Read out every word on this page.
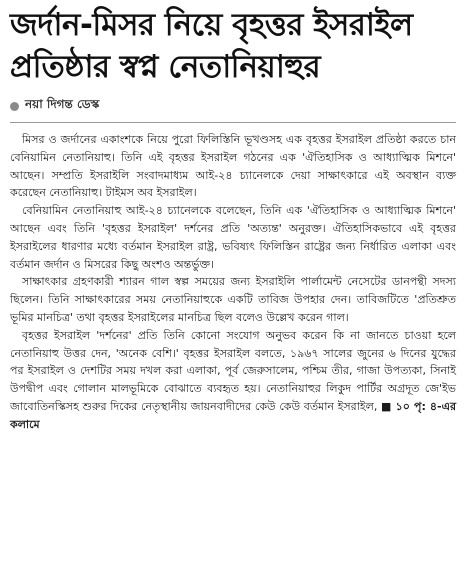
জর্দান-মিসর নিয়ে বৃহত্তর ইসরাইল
প্রতিষ্ঠার স্বপ্ন নেতানিয়াহুর
নয়া দিগন্ত ডেস্ক

মিসর ও জর্দানের একাংশকে নিয়ে পুরো ফিলিস্তিনি ভূখণ্ডসহ এক বৃহত্তর ইসরাইল প্রতিষ্ঠা করতে চান বেনিয়ামিন নেতানিয়াহু। তিনি এই বৃহত্তর ইসরাইল গঠনের এক 'ঐতিহাসিক ও আধ্যাত্মিক মিশনে' আছেন। সম্প্রতি ইসরাইলি সংবাদমাধ্যম আই-২৪ চ্যানেলকে দেয়া সাক্ষাৎকারে এই অবস্থান ব্যক্ত করেছেন নেতানিয়াহু। টাইমস অব ইসরাইল।

বেনিয়ামিন নেতানিয়াহু আই-২৪ চ্যানেলকে বলেছেন, তিনি এক 'ঐতিহাসিক ও আধ্যাত্মিক মিশনে' আছেন এবং তিনি 'বৃহত্তর ইসরাইল' দর্শনের প্রতি 'অত্যন্ত' অনুরক্ত। ঐতিহাসিকভাবে এই বৃহত্তর ইসরাইলের ধারণার মধ্যে বর্তমান ইসরাইল রাষ্ট্র, ভবিষ্যৎ ফিলিস্তিন রাষ্ট্রের জন্য নির্ধারিত এলাকা এবং বর্তমান জর্দান ও মিসরের কিছু অংশও অন্তর্ভুক্ত।

সাক্ষাৎকার গ্রহণকারী শ্যারন গাল স্বল্প সময়ের জন্য ইসরাইলি পার্লামেন্ট নেসেটের ডানপন্থী সদস্য ছিলেন। তিনি সাক্ষাৎকারের সময় নেতানিয়াহুকে একটি তাবিজ উপহার দেন। তাবিজটিতে 'প্রতিশ্রুত ভূমির মানচিত্র' তথা বৃহত্তর ইসরাইলের মানচিত্র ছিল বলেও উল্লেখ করেন গাল।

বৃহত্তর ইসরাইল 'দর্শনের' প্রতি তিনি কোনো সংযোগ অনুভব করেন কি না জানতে চাওয়া হলে নেতানিয়াহু উত্তর দেন, 'অনেক বেশি।' বৃহত্তর ইসরাইল বলতে, ১৯৬৭ সালের জুনের ৬ দিনের যুদ্ধের পর ইসরাইল ও দেশটির সময় দখল করা এলাকা, পূর্ব জেরুসালেম, পশ্চিম তীর, গাজা উপত্যকা, সিনাই উপদ্বীপ এবং গোলান মালভূমিকে বোঝাতে ব্যবহৃত হয়। নেতানিয়াহুর লিকুদ পার্টির অগ্রদূত জে'ইভ জাবোতিনস্কিসহ শুরুর দিকের নেতৃস্থানীয় জায়নবাদীদের কেউ কেউ বর্তমান ইসরাইল, ■ ১০ পৃ: ৪-এর কলামে
